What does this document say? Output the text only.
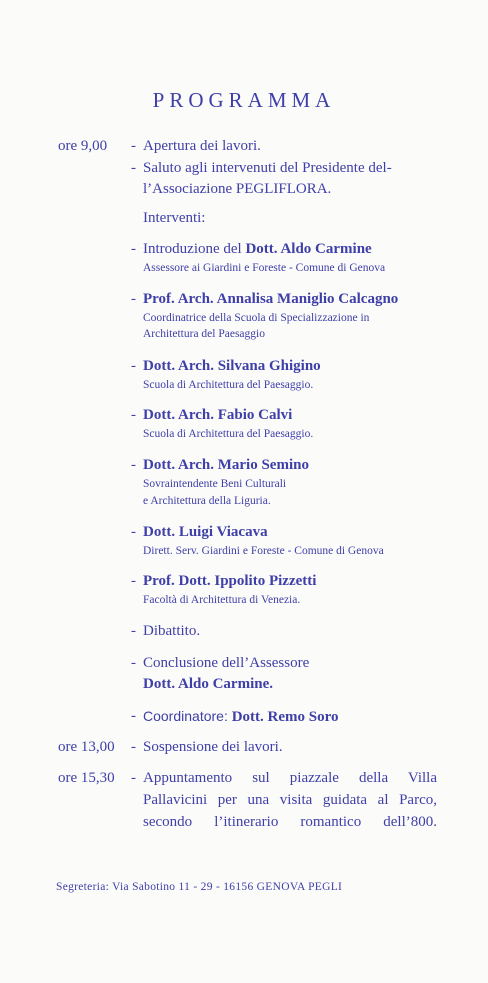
PROGRAMMA
ore 9,00 - Apertura dei lavori.
- Saluto agli intervenuti del Presidente del-
l’Associazione PEGLIFLORA.
Interventi:
- Introduzione del Dott. Aldo Carmine
Assessore ai Giardini e Foreste - Comune di Genova
- Prof. Arch. Annalisa Maniglio Calcagno
Coordinatrice della Scuola di Specializzazione in
Architettura del Paesaggio
- Dott. Arch. Silvana Ghigino
Scuola di Architettura del Paesaggio.
- Dott. Arch. Fabio Calvi
Scuola di Architettura del Paesaggio.
- Dott. Arch. Mario Semino
Sovraintendente Beni Culturali
e Architettura della Liguria.
- Dott. Luigi Viacava
Dirett. Serv. Giardini e Foreste - Comune di Genova
- Prof. Dott. Ippolito Pizzetti
Facoltà di Architettura di Venezia.
- Dibattito.
- Conclusione dell’Assessore
Dott. Aldo Carmine.
- Coordinatore: Dott. Remo Soro
ore 13,00 - Sospensione dei lavori.
ore 15,30 - Appuntamento sul piazzale della Villa
Pallavicini per una visita guidata al Parco,
secondo l’itinerario romantico dell’800.
Segreteria: Via Sabotino 11 - 29 - 16156 GENOVA PEGLI
